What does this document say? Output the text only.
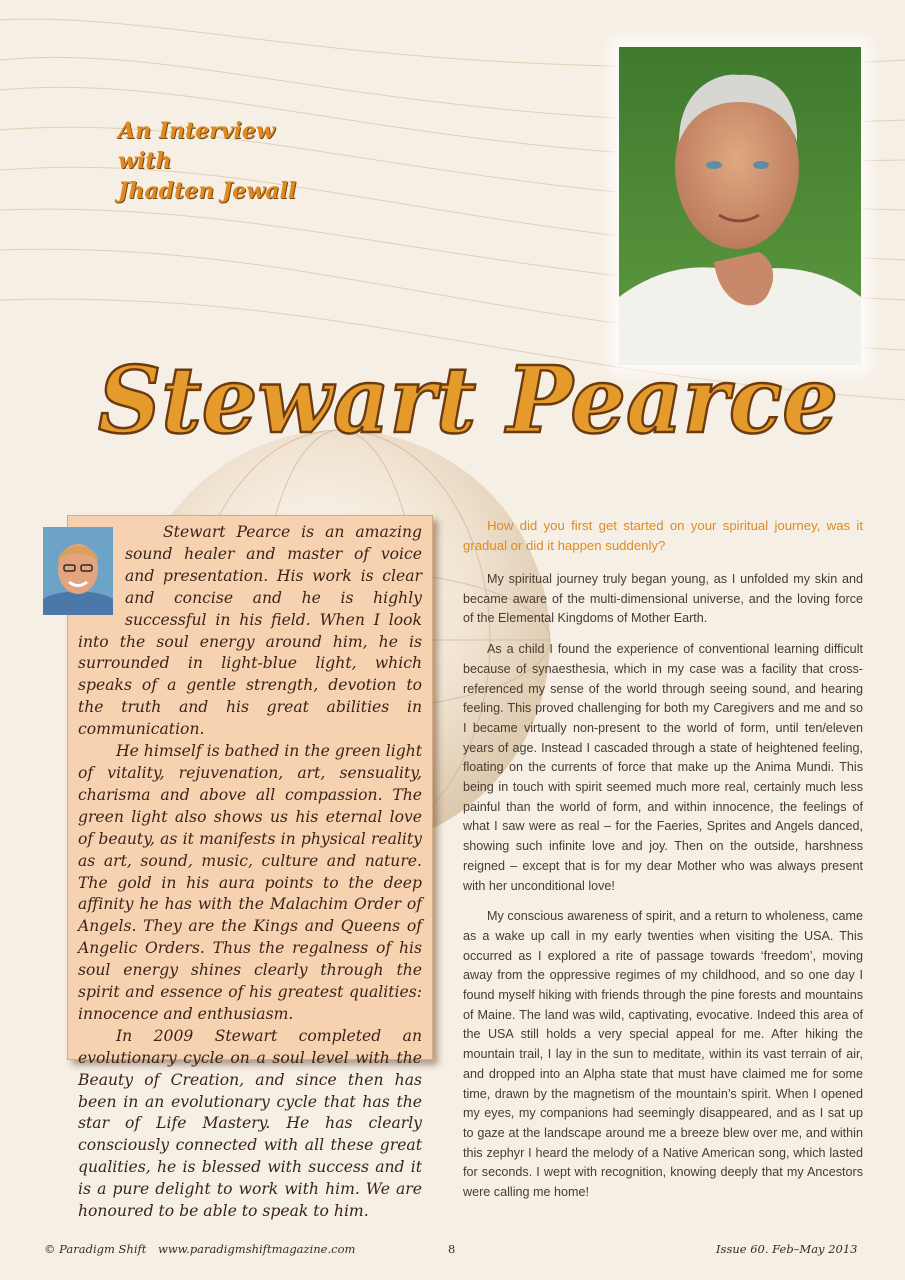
An Interview
with
Jhadten Jewall
Stewart Pearce

Stewart Pearce is an amazing sound healer and master of voice and presentation. His work is clear and concise and he is highly successful in his field. When I look into the soul energy around him, he is surrounded in light-blue light, which speaks of a gentle strength, devotion to the truth and his great abilities in communication.

He himself is bathed in the green light of vitality, rejuvenation, art, sensuality, charisma and above all compassion. The green light also shows us his eternal love of beauty, as it manifests in physical reality as art, sound, music, culture and nature. The gold in his aura points to the deep affinity he has with the Malachim Order of Angels. They are the Kings and Queens of Angelic Orders. Thus the regalness of his soul energy shines clearly through the spirit and essence of his greatest qualities: innocence and enthusiasm.

In 2009 Stewart completed an evolutionary cycle on a soul level with the Beauty of Creation, and since then has been in an evolutionary cycle that has the star of Life Mastery. He has clearly consciously connected with all these great qualities, he is blessed with success and it is a pure delight to work with him. We are honoured to be able to speak to him.

How did you first get started on your spiritual journey, was it gradual or did it happen suddenly?

My spiritual journey truly began young, as I unfolded my skin and became aware of the multi-dimensional universe, and the loving force of the Elemental Kingdoms of Mother Earth.

As a child I found the experience of conventional learning difficult because of synaesthesia, which in my case was a facility that cross-referenced my sense of the world through seeing sound, and hearing feeling. This proved challenging for both my Caregivers and me and so I became virtually non-present to the world of form, until ten/eleven years of age. Instead I cascaded through a state of heightened feeling, floating on the currents of force that make up the Anima Mundi. This being in touch with spirit seemed much more real, certainly much less painful than the world of form, and within innocence, the feelings of what I saw were as real – for the Faeries, Sprites and Angels danced, showing such infinite love and joy. Then on the outside, harshness reigned – except that is for my dear Mother who was always present with her unconditional love!

My conscious awareness of spirit, and a return to wholeness, came as a wake up call in my early twenties when visiting the USA. This occurred as I explored a rite of passage towards ‘freedom’, moving away from the oppressive regimes of my childhood, and so one day I found myself hiking with friends through the pine forests and mountains of Maine. The land was wild, captivating, evocative. Indeed this area of the USA still holds a very special appeal for me. After hiking the mountain trail, I lay in the sun to meditate, within its vast terrain of air, and dropped into an Alpha state that must have claimed me for some time, drawn by the magnetism of the mountain’s spirit. When I opened my eyes, my companions had seemingly disappeared, and as I sat up to gaze at the landscape around me a breeze blew over me, and within this zephyr I heard the melody of a Native American song, which lasted for seconds. I wept with recognition, knowing deeply that my Ancestors were calling me home!

© Paradigm Shift www.paradigmshiftmagazine.com	8	Issue 60. Feb–May 2013
